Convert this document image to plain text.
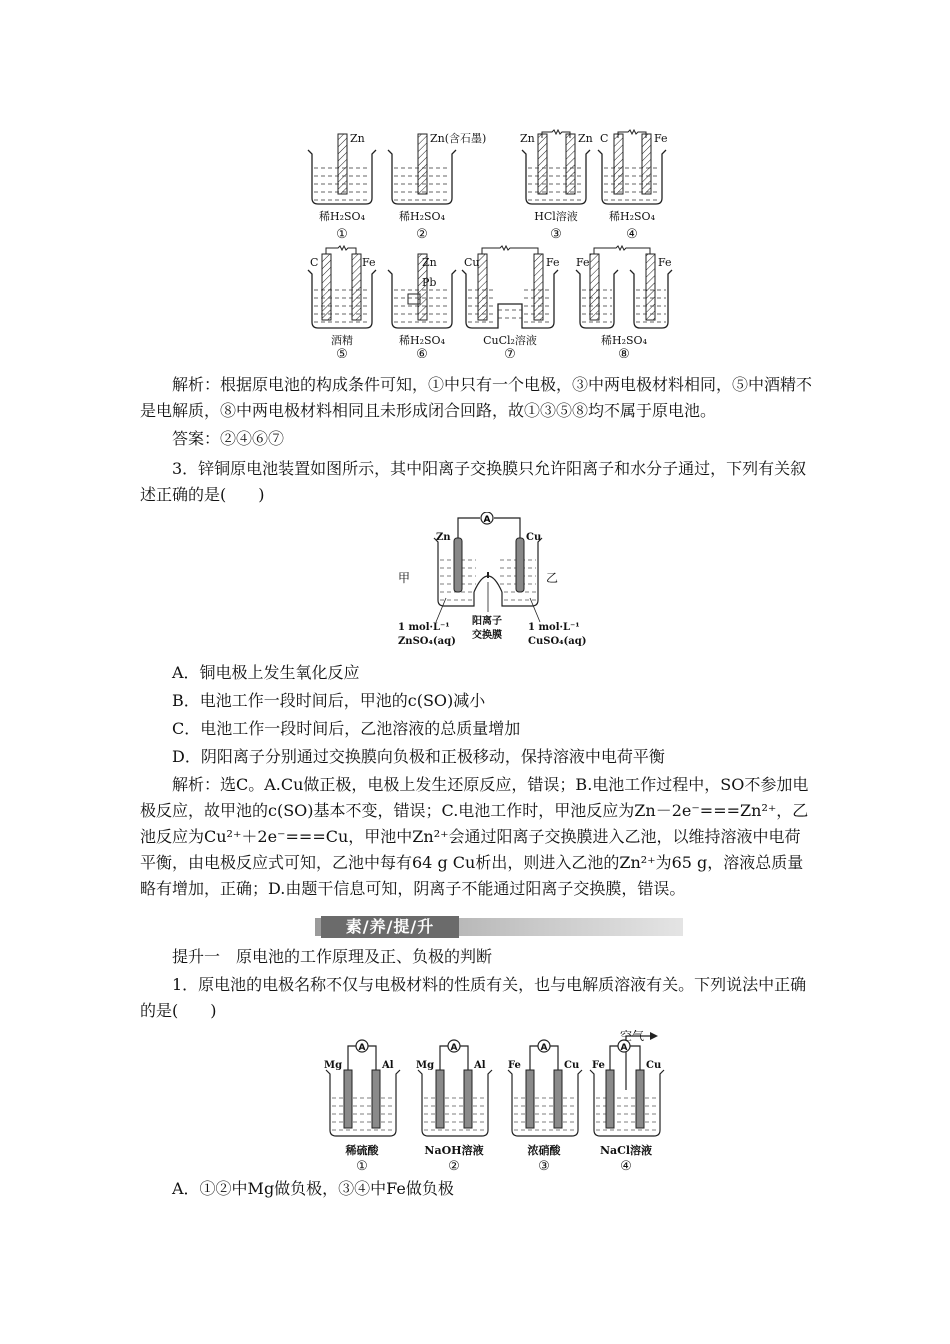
Zn	Zn(含石墨)	Zn	Zn C	Fe
C	Fe
Pb
Zn Cu	Fe Fe	Fe
稀H₂SO₄	稀H₂SO₄	HCl溶液	稀H₂SO₄
酒精	稀H₂SO₄	CuCl₂溶液	稀H₂SO₄
①	②	③	④
⑤	⑥	⑦	⑧
解析：根据原电池的构成条件可知，①中只有一个电极，③中两电极材料相同，⑤中酒精不是电解质，⑧中两电极材料相同且未形成闭合回路，故①③⑤⑧均不属于原电池。
答案：②④⑥⑦
3．锌铜原电池装置如图所示，其中阳离子交换膜只允许阳离子和水分子通过，下列有关叙述正确的是(　　)
A
Zn	Cu
甲	乙
1 mol·L⁻¹
ZnSO₄(aq)
阳离子
交换膜
1 mol·L⁻¹
CuSO₄(aq)
A．铜电极上发生氧化反应
B．电池工作一段时间后，甲池的c(SO)减小
C．电池工作一段时间后，乙池溶液的总质量增加
D．阴阳离子分别通过交换膜向负极和正极移动，保持溶液中电荷平衡
解析：选C。A.Cu做正极，电极上发生还原反应，错误；B.电池工作过程中，SO不参加电极反应，故甲池的c(SO)基本不变，错误；C.电池工作时，甲池反应为Zn－2e⁻===Zn²⁺，乙池反应为Cu²⁺＋2e⁻===Cu，甲池中Zn²⁺会通过阳离子交换膜进入乙池，以维持溶液中电荷平衡，由电极反应式可知，乙池中每有64 g Cu析出，则进入乙池的Zn²⁺为65 g，溶液总质量略有增加，正确；D.由题干信息可知，阴离子不能通过阳离子交换膜，错误。
素/养/提/升
提升一　原电池的工作原理及正、负极的判断
1．原电池的电极名称不仅与电极材料的性质有关，也与电解质溶液有关。下列说法中正确的是(　　)
A	A	A	A
空气
Mg	Al Mg	Al Fe	Cu Fe	Cu
稀硫酸	NaOH溶液	浓硝酸	NaCl溶液
①	②	③	④
A．①②中Mg做负极，③④中Fe做负极
